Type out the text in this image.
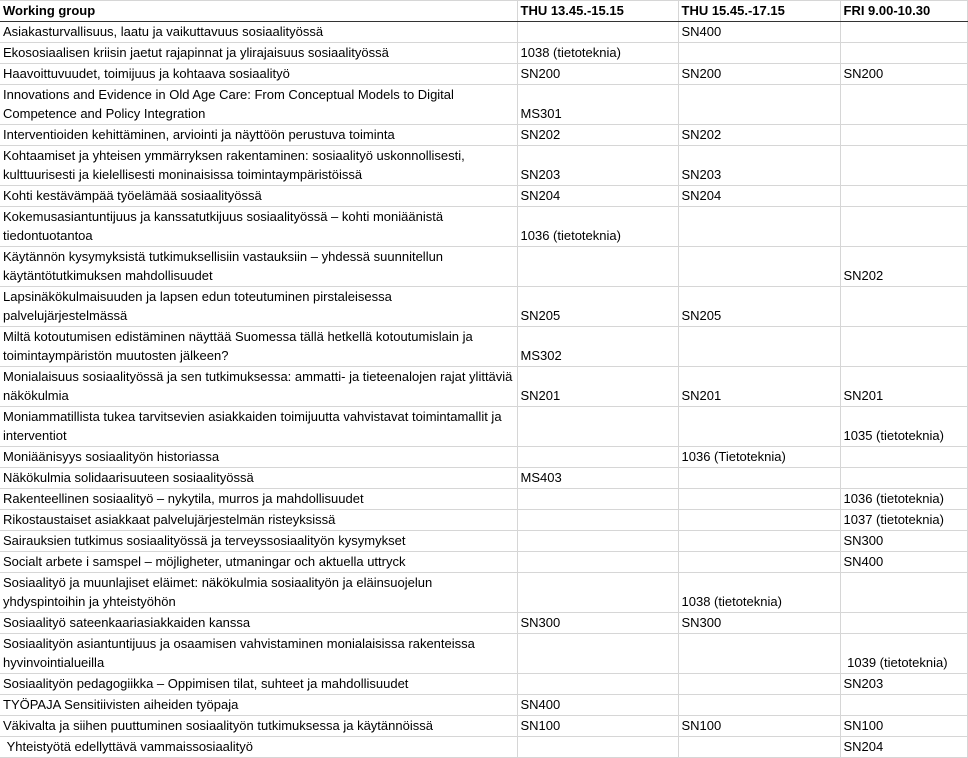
Working group	THU 13.45.-15.15	THU 15.45.-17.15	FRI 9.00-10.30
Asiakasturvallisuus, laatu ja vaikuttavuus sosiaalityössä		SN400	
Ekososiaalisen kriisin jaetut rajapinnat ja ylirajaisuus sosiaalityössä	1038 (tietoteknia)		
Haavoittuvuudet, toimijuus ja kohtaava sosiaalityö	SN200	SN200	SN200
Innovations and Evidence in Old Age Care: From Conceptual Models to Digital Competence and Policy Integration	MS301		
Interventioiden kehittäminen, arviointi ja näyttöön perustuva toiminta	SN202	SN202	
Kohtaamiset ja yhteisen ymmärryksen rakentaminen: sosiaalityö uskonnollisesti, kulttuurisesti ja kielellisesti moninaisissa toimintaympäristöissä	SN203	SN203	
Kohti kestävämpää työelämää sosiaalityössä	SN204	SN204	
Kokemusasiantuntijuus ja kanssatutkijuus sosiaalityössä – kohti moniäänistä tiedontuotantoa	1036 (tietoteknia)		
Käytännön kysymyksistä tutkimuksellisiin vastauksiin – yhdessä suunnitellun käytäntötutkimuksen mahdollisuudet			SN202
Lapsinäkökulmaisuuden ja lapsen edun toteutuminen pirstaleisessa palvelujärjestelmässä	SN205	SN205	
Miltä kotoutumisen edistäminen näyttää Suomessa tällä hetkellä kotoutumislain ja toimintaympäristön muutosten jälkeen?	MS302		
Monialaisuus sosiaalityössä ja sen tutkimuksessa: ammatti- ja tieteenalojen rajat ylittäviä näkökulmia	SN201	SN201	SN201
Moniammatillista tukea tarvitsevien asiakkaiden toimijuutta vahvistavat toimintamallit ja interventiot			1035 (tietoteknia)
Moniäänisyys sosiaalityön historiassa		1036 (Tietoteknia)	
Näkökulmia solidaarisuuteen sosiaalityössä	MS403		
Rakenteellinen sosiaalityö – nykytila, murros ja mahdollisuudet			1036 (tietoteknia)
Rikostaustaiset asiakkaat palvelujärjestelmän risteyksissä			1037 (tietoteknia)
Sairauksien tutkimus sosiaalityössä ja terveyssosiaalityön kysymykset			SN300
Socialt arbete i samspel – möjligheter, utmaningar och aktuella uttryck			SN400
Sosiaalityö ja muunlajiset eläimet: näkökulmia sosiaalityön ja eläinsuojelun yhdyspintoihin ja yhteistyöhön		1038 (tietoteknia)	
Sosiaalityö sateenkaariasiakkaiden kanssa	SN300	SN300	
Sosiaalityön asiantuntijuus ja osaamisen vahvistaminen monialaisissa rakenteissa hyvinvointialueilla			1039 (tietoteknia)
Sosiaalityön pedagogiikka – Oppimisen tilat, suhteet ja mahdollisuudet			SN203
TYÖPAJA Sensitiivisten aiheiden työpaja	SN400		
Väkivalta ja siihen puuttuminen sosiaalityön tutkimuksessa ja käytännöissä	SN100	SN100	SN100
Yhteistyötä edellyttävä vammaissosiaalityö			SN204
